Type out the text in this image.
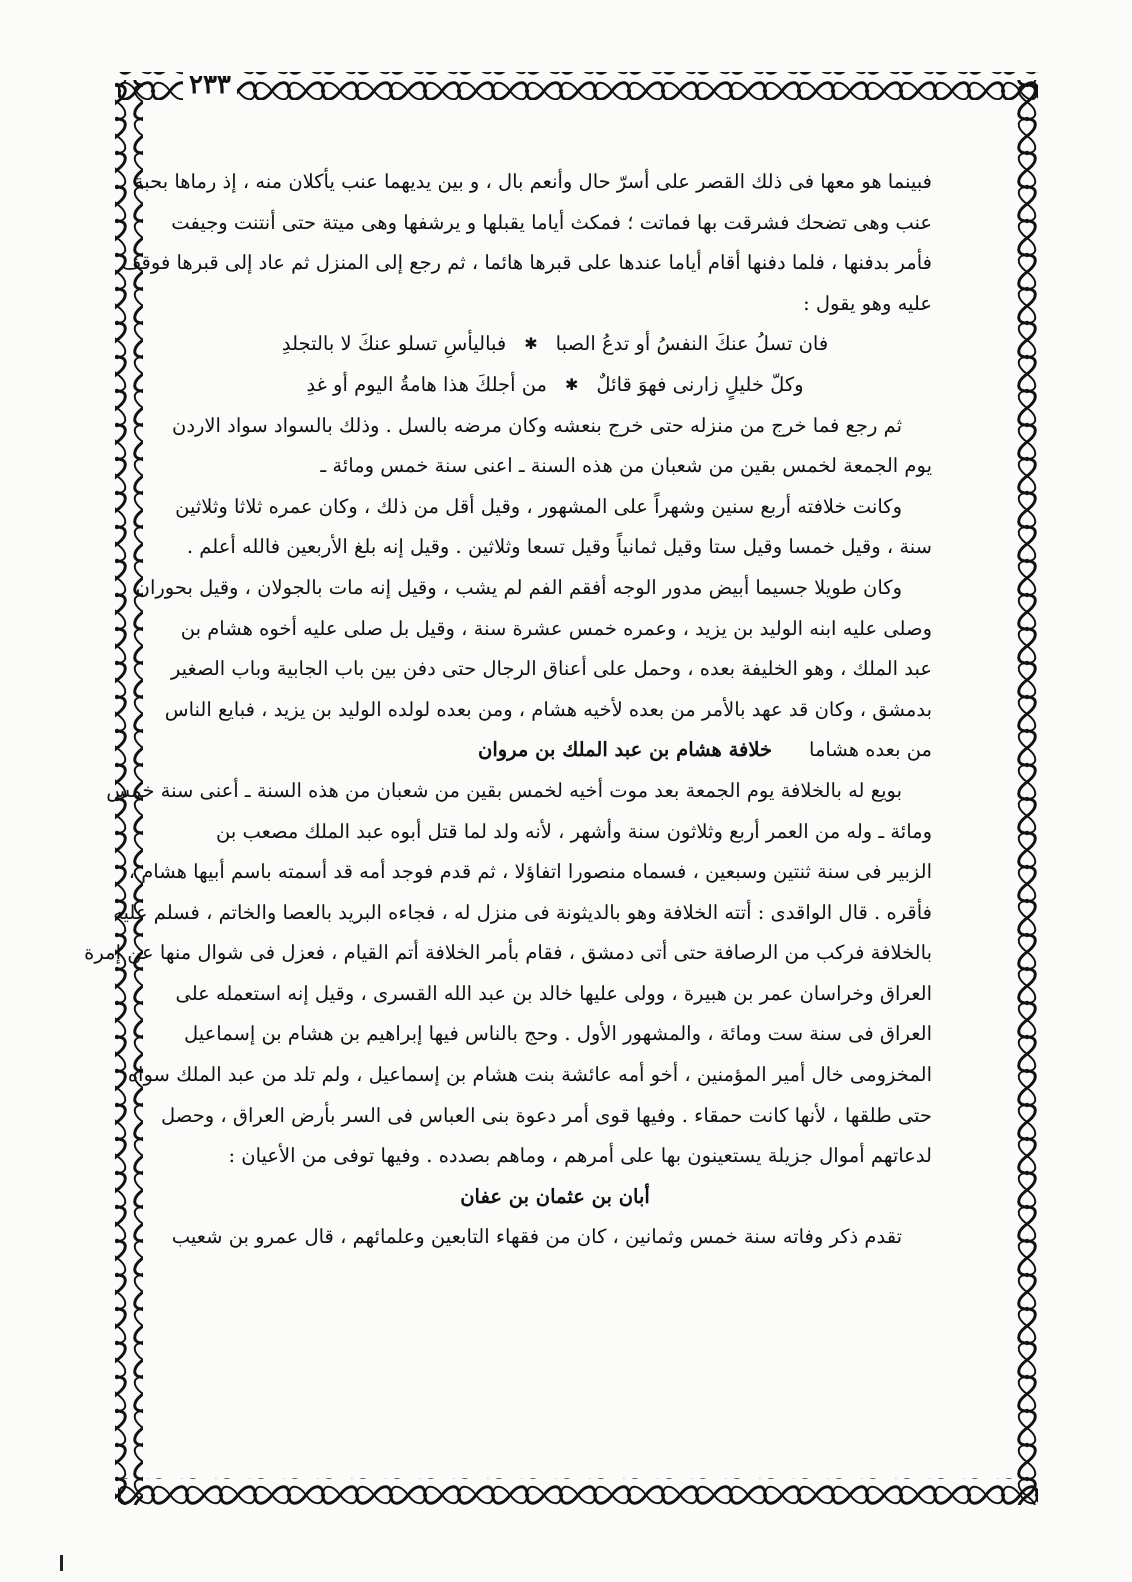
٢٣٣
فبينما هو معها فى ذلك القصر على أسرّ حال وأنعم بال ، و بين يديهما عنب يأكلان منه ، إذ رماها بحبة
عنب وهى تضحك فشرقت بها فماتت ؛ فمكث أياما يقبلها و يرشفها وهى ميتة حتى أنتنت وجيفت
فأمر بدفنها ، فلما دفنها أقام أياما عندها على قبرها هائما ، ثم رجع إلى المنزل ثم عاد إلى قبرها فوقف
عليه وهو يقول :
فان تسلُ عنكَ النفسُ أو تدعُ الصبا
✱
فباليأسِ تسلو عنكَ لا بالتجلدِ
وكلّ خليلٍ زارنى فهوَ قائلٌ
✱
من أجلكَ هذا هامةُ اليوم أو غدِ
ثم رجع فما خرج من منزله حتى خرج بنعشه وكان مرضه بالسل . وذلك بالسواد سواد الاردن
يوم الجمعة لخمس بقين من شعبان من هذه السنة ـ اعنى سنة خمس ومائة ـ
وكانت خلافته أربع سنين وشهراً على المشهور ، وقيل أقل من ذلك ، وكان عمره ثلاثا وثلاثين
سنة ، وقيل خمسا وقيل ستا وقيل ثمانياً وقيل تسعا وثلاثين . وقيل إنه بلغ الأربعين فالله أعلم .
وكان طويلا جسيما أبيض مدور الوجه أفقم الفم لم يشب ، وقيل إنه مات بالجولان ، وقيل بحوران
وصلى عليه ابنه الوليد بن يزيد ، وعمره خمس عشرة سنة ، وقيل بل صلى عليه أخوه هشام بن
عبد الملك ، وهو الخليفة بعده ، وحمل على أعناق الرجال حتى دفن بين باب الجابية وباب الصغير
بدمشق ، وكان قد عهد بالأمر من بعده لأخيه هشام ، ومن بعده لولده الوليد بن يزيد ، فبايع الناس
من بعده هشاما
خلافة هشام بن عبد الملك بن مروان
بويع له بالخلافة يوم الجمعة بعد موت أخيه لخمس بقين من شعبان من هذه السنة ـ أعنى سنة خمس
ومائة ـ وله من العمر أربع وثلاثون سنة وأشهر ، لأنه ولد لما قتل أبوه عبد الملك مصعب بن
الزبير فى سنة ثنتين وسبعين ، فسماه منصورا اتفاؤلا ، ثم قدم فوجد أمه قد أسمته باسم أبيها هشام ،
فأقره . قال الواقدى : أتته الخلافة وهو بالديثونة فى منزل له ، فجاءه البريد بالعصا والخاتم ، فسلم عليه
بالخلافة فركب من الرصافة حتى أتى دمشق ، فقام بأمر الخلافة أتم القيام ، فعزل فى شوال منها عن إمرة
العراق وخراسان عمر بن هبيرة ، وولى عليها خالد بن عبد الله القسرى ، وقيل إنه استعمله على
العراق فى سنة ست ومائة ، والمشهور الأول . وحج بالناس فيها إبراهيم بن هشام بن إسماعيل
المخزومى خال أمير المؤمنين ، أخو أمه عائشة بنت هشام بن إسماعيل ، ولم تلد من عبد الملك سواه
حتى طلقها ، لأنها كانت حمقاء . وفيها قوى أمر دعوة بنى العباس فى السر بأرض العراق ، وحصل
لدعاتهم أموال جزيلة يستعينون بها على أمرهم ، وماهم بصدده . وفيها توفى من الأعيان :
أبان بن عثمان بن عفان
تقدم ذكر وفاته سنة خمس وثمانين ، كان من فقهاء التابعين وعلمائهم ، قال عمرو بن شعيب
